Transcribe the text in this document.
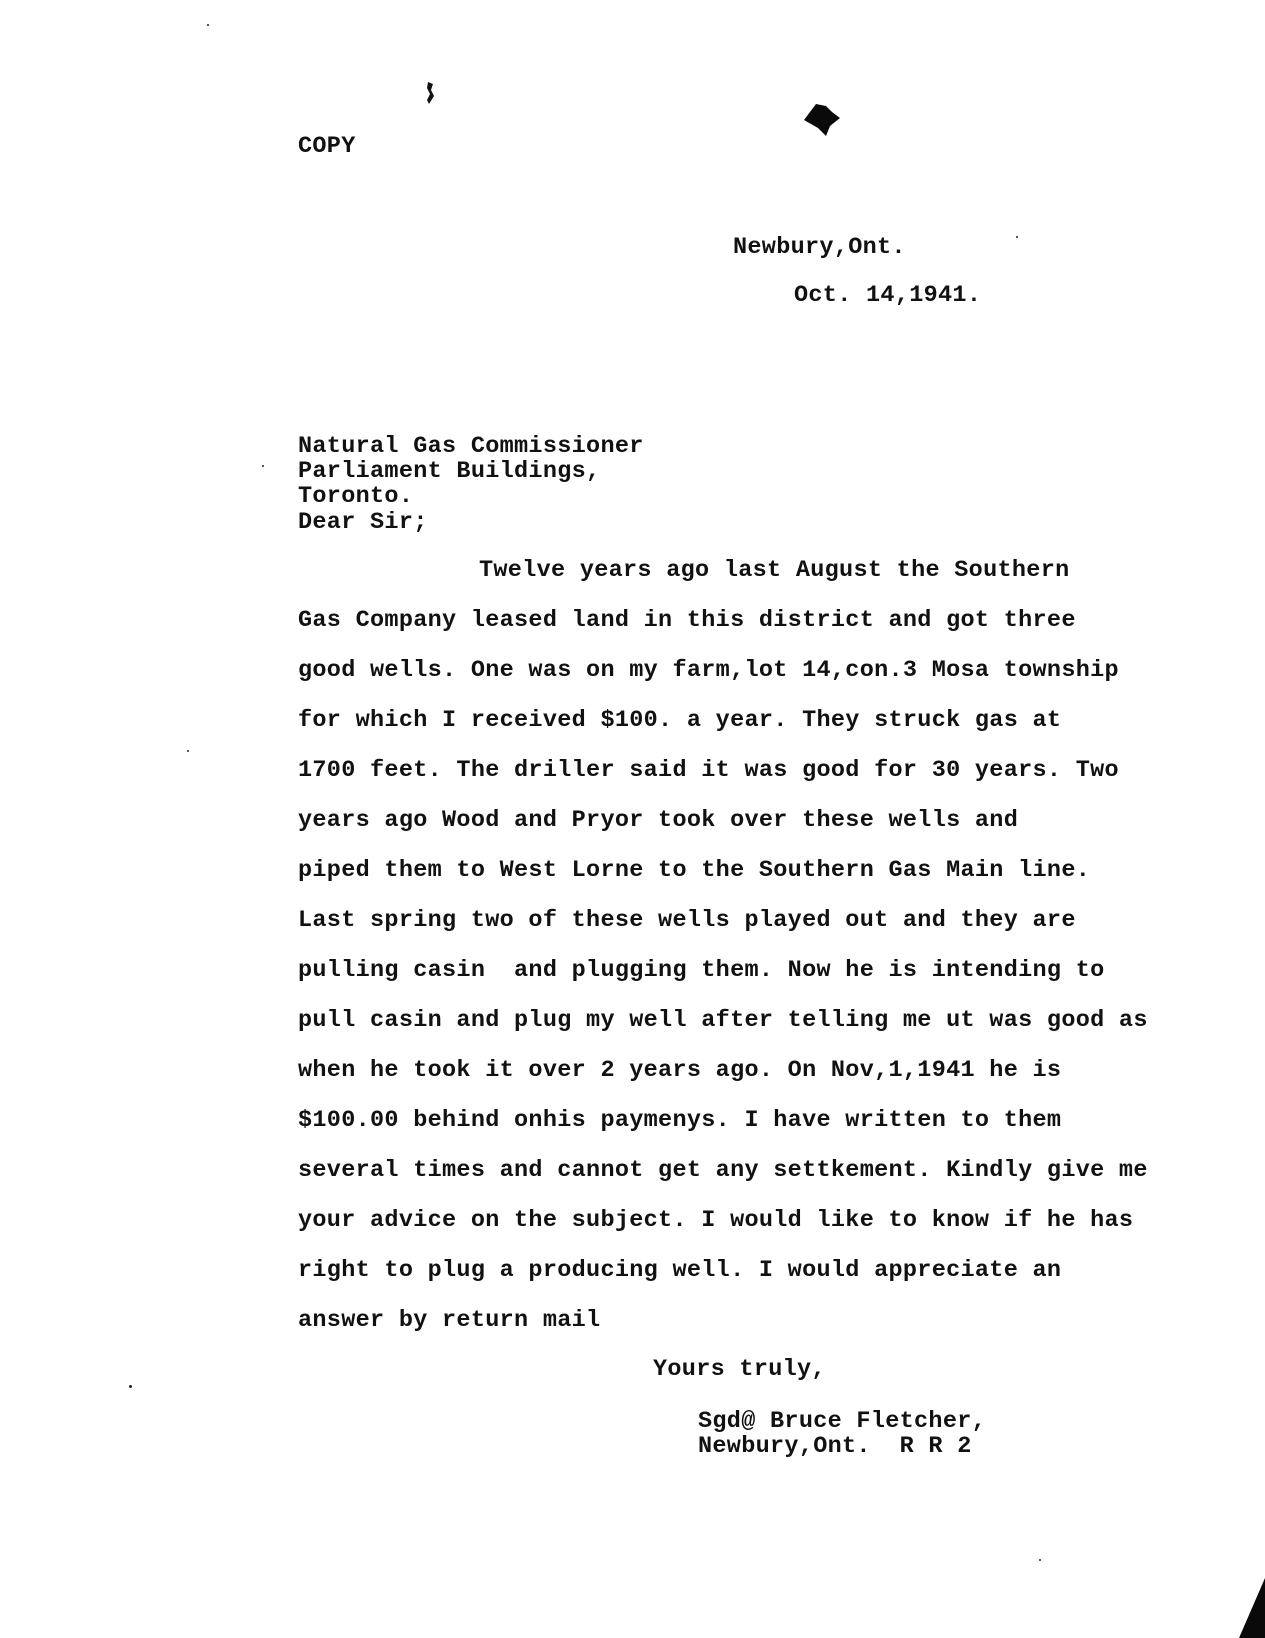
COPY
Newbury,Ont.
Oct. 14,1941.
Natural Gas Commissioner
Parliament Buildings,
Toronto.
Dear Sir;
Twelve years ago last August the Southern
Gas Company leased land in this district and got three
good wells. One was on my farm,lot 14,con.3 Mosa township
for which I received $100. a year. They struck gas at
1700 feet. The driller said it was good for 30 years. Two
years ago Wood and Pryor took over these wells and
piped them to West Lorne to the Southern Gas Main line.
Last spring two of these wells played out and they are
pulling casin  and plugging them. Now he is intending to
pull casin and plug my well after telling me ut was good as
when he took it over 2 years ago. On Nov,1,1941 he is
$100.00 behind onhis paymenys. I have written to them
several times and cannot get any settkement. Kindly give me
your advice on the subject. I would like to know if he has
right to plug a producing well. I would appreciate an
answer by return mail
Yours truly,
Sgd@ Bruce Fletcher,
Newbury,Ont.  R R 2
